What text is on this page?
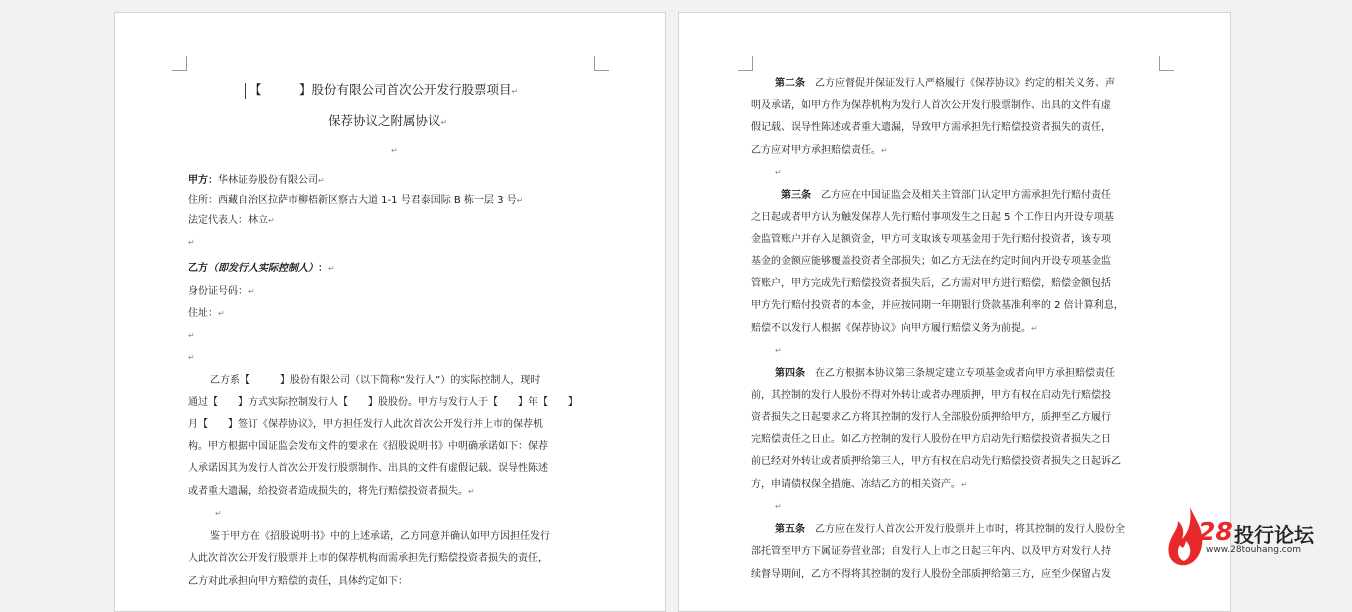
【　　　】股份有限公司首次公开发行股票项目↵
保荐协议之附属协议↵
↵
甲方：华林证券股份有限公司↵
住所：西藏自治区拉萨市柳梧新区察古大道 1-1 号君泰国际 B 栋一层 3 号↵
法定代表人：林立↵
↵
乙方（即发行人实际控制人）：↵
身份证号码：↵
住址：↵
↵
↵
乙方系【　　　】股份有限公司（以下简称“发行人”）的实际控制人，现时
通过【　　】方式实际控制发行人【　　】股股份。甲方与发行人于【　　】年【　　】
月【　　】签订《保荐协议》，甲方担任发行人此次首次公开发行并上市的保荐机
构。甲方根据中国证监会发布文件的要求在《招股说明书》中明确承诺如下：保荐
人承诺因其为发行人首次公开发行股票制作、出具的文件有虚假记载、误导性陈述
或者重大遗漏，给投资者造成损失的，将先行赔偿投资者损失。↵
↵
鉴于甲方在《招股说明书》中的上述承诺，乙方同意并确认如甲方因担任发行
人此次首次公开发行股票并上市的保荐机构而需承担先行赔偿投资者损失的责任，
乙方对此承担向甲方赔偿的责任，具体约定如下：
第二条　 乙方应督促并保证发行人严格履行《保荐协议》约定的相关义务、声
明及承诺，如甲方作为保荐机构为发行人首次公开发行股票制作、出具的文件有虚
假记载、误导性陈述或者重大遗漏，导致甲方需承担先行赔偿投资者损失的责任，
乙方应对甲方承担赔偿责任。↵
↵
第三条　 乙方应在中国证监会及相关主管部门认定甲方需承担先行赔付责任
之日起或者甲方认为触发保荐人先行赔付事项发生之日起 5 个工作日内开设专项基
金监管账户并存入足额资金，甲方可支取该专项基金用于先行赔付投资者，该专项
基金的金额应能够覆盖投资者全部损失；如乙方无法在约定时间内开设专项基金监
管账户，甲方完成先行赔偿投资者损失后，乙方需对甲方进行赔偿，赔偿金额包括
甲方先行赔付投资者的本金，并应按同期一年期银行贷款基准利率的 2 倍计算利息，
赔偿不以发行人根据《保荐协议》向甲方履行赔偿义务为前提。↵
↵
第四条　 在乙方根据本协议第三条规定建立专项基金或者向甲方承担赔偿责任
前，其控制的发行人股份不得对外转让或者办理质押，甲方有权在启动先行赔偿投
资者损失之日起要求乙方将其控制的发行人全部股份质押给甲方，质押至乙方履行
完赔偿责任之日止。如乙方控制的发行人股份在甲方启动先行赔偿投资者损失之日
前已经对外转让或者质押给第三人，甲方有权在启动先行赔偿投资者损失之日起诉乙
方，申请债权保全措施、冻结乙方的相关资产。↵
↵
第五条　 乙方应在发行人首次公开发行股票并上市时，将其控制的发行人股份全
部托管至甲方下属证券营业部；自发行人上市之日起三年内、以及甲方对发行人持
续督导期间，乙方不得将其控制的发行人股份全部质押给第三方，应至少保留占发
28 投行论坛
www.28touhang.com
